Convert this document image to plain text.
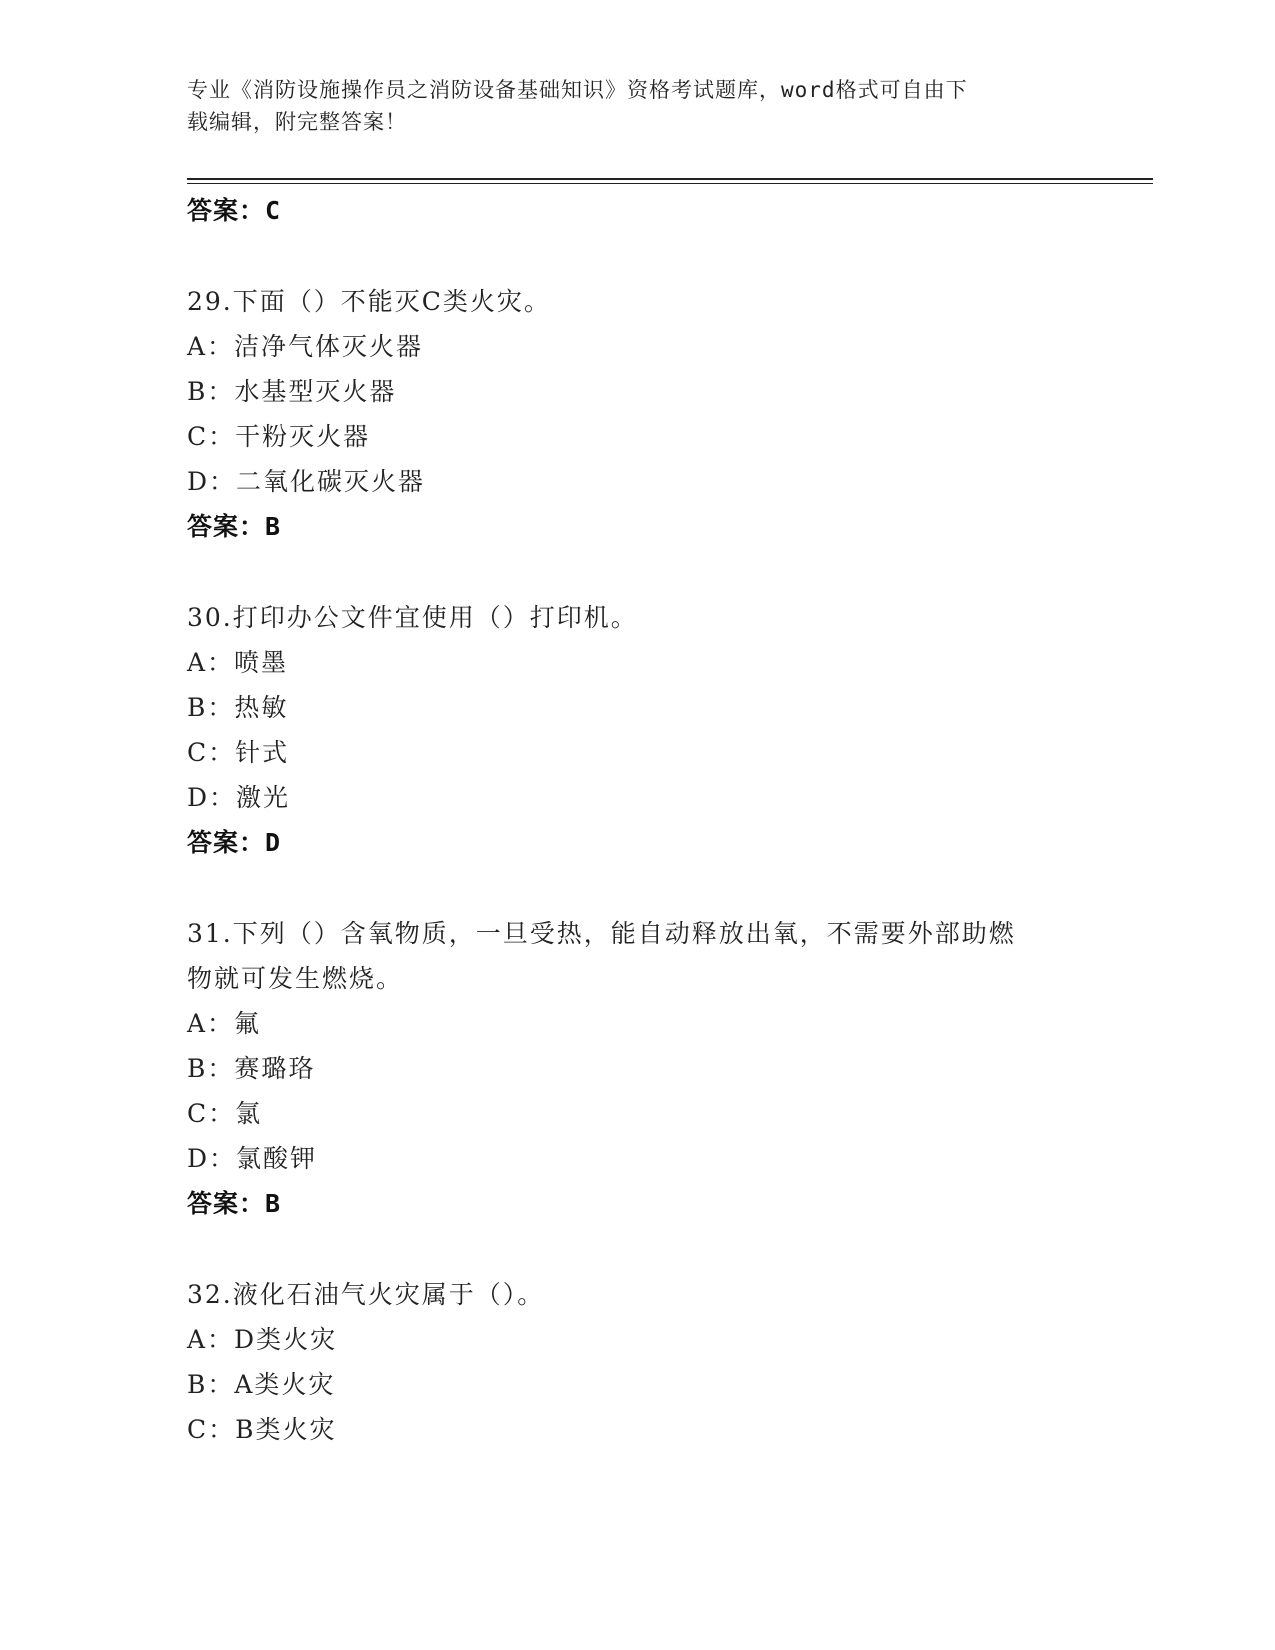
专业《消防设施操作员之消防设备基础知识》资格考试题库，word格式可自由下
载编辑，附完整答案！
答案：C
29.下面（）不能灭C类火灾。
A：洁净气体灭火器
B：水基型灭火器
C：干粉灭火器
D：二氧化碳灭火器
答案：B
30.打印办公文件宜使用（）打印机。
A：喷墨
B：热敏
C：针式
D：激光
答案：D
31.下列（）含氧物质，一旦受热，能自动释放出氧，不需要外部助燃
物就可发生燃烧。
A：氟
B：赛璐珞
C：氯
D：氯酸钾
答案：B
32.液化石油气火灾属于（）。
A：D类火灾
B：A类火灾
C：B类火灾
